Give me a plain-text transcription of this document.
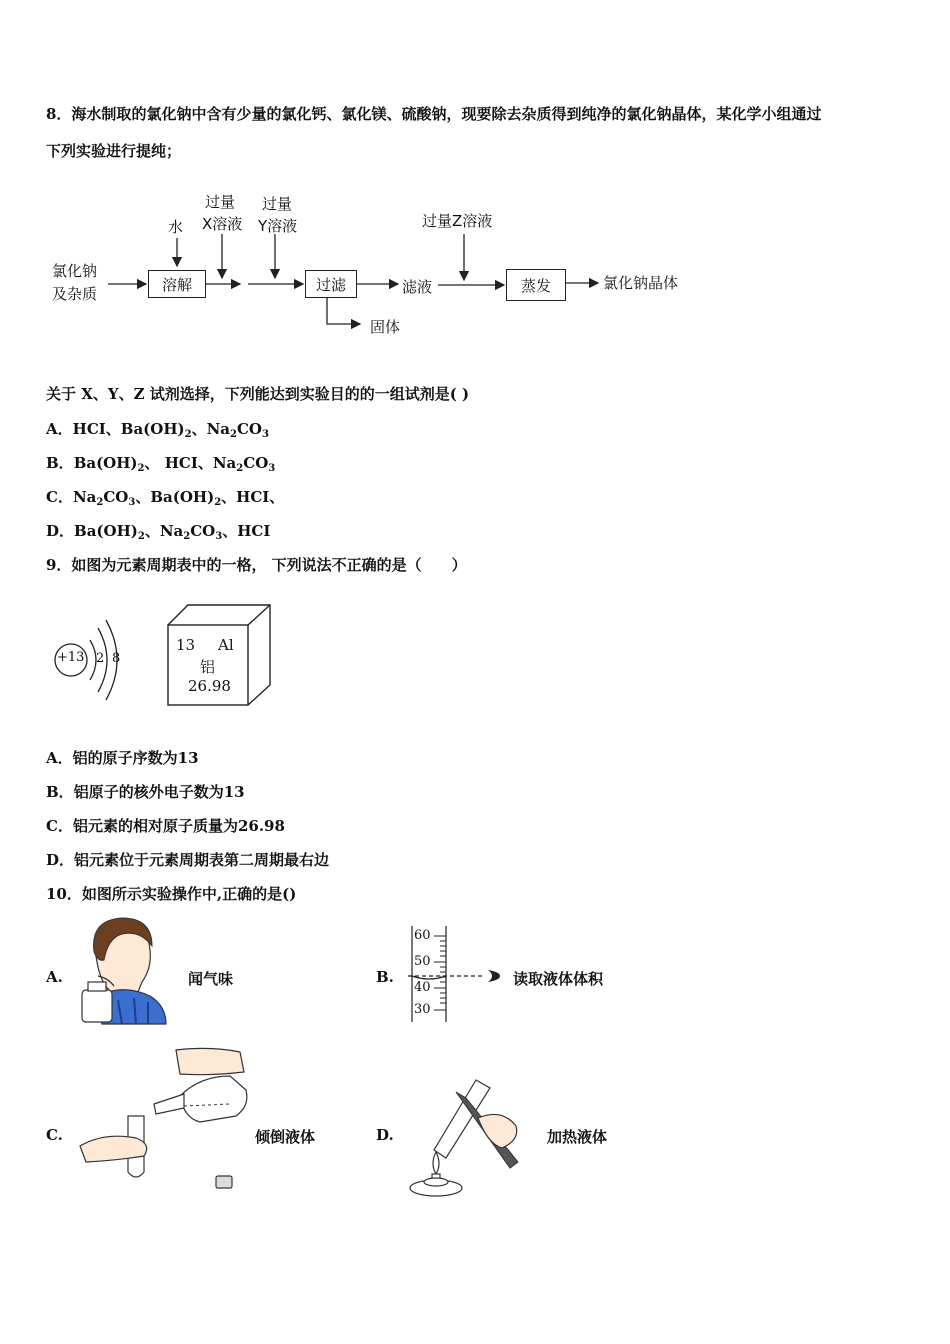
8．海水制取的氯化钠中含有少量的氯化钙、氯化镁、硫酸钠，现要除去杂质得到纯净的氯化钠晶体，某化学小组通过
下列实验进行提纯；
氯化钠
及杂质
水
溶解
过量
X溶液
过量
Y溶液
过滤	滤液
固体
过量Z溶液
蒸发	氯化钠晶体
关于 X、Y、Z 试剂选择，下列能达到实验目的的一组试剂是( )
A．HCI、$Ba(OH)_2$、$Na_2CO_3$
B．$Ba(OH)_2$、 HCI、$Na_2CO_3$
C．$Na_2CO_3$、$Ba(OH)_2$、HCI、
D．$Ba(OH)_2$、$Na_2CO_3$、HCI
9．如图为元素周期表中的一格， 下列说法不正确的是（　　）
+13 2 8
13 Al
铝
26.98
A．铝的原子序数为13
B．铝原子的核外电子数为13
C．铝元素的相对原子质量为26.98
D．铝元素位于元素周期表第二周期最右边
10．如图所示实验操作中,正确的是()
A.	闻气味	B.
60
50
40
30
读取液体体积
C.	倾倒液体	D.	加热液体
